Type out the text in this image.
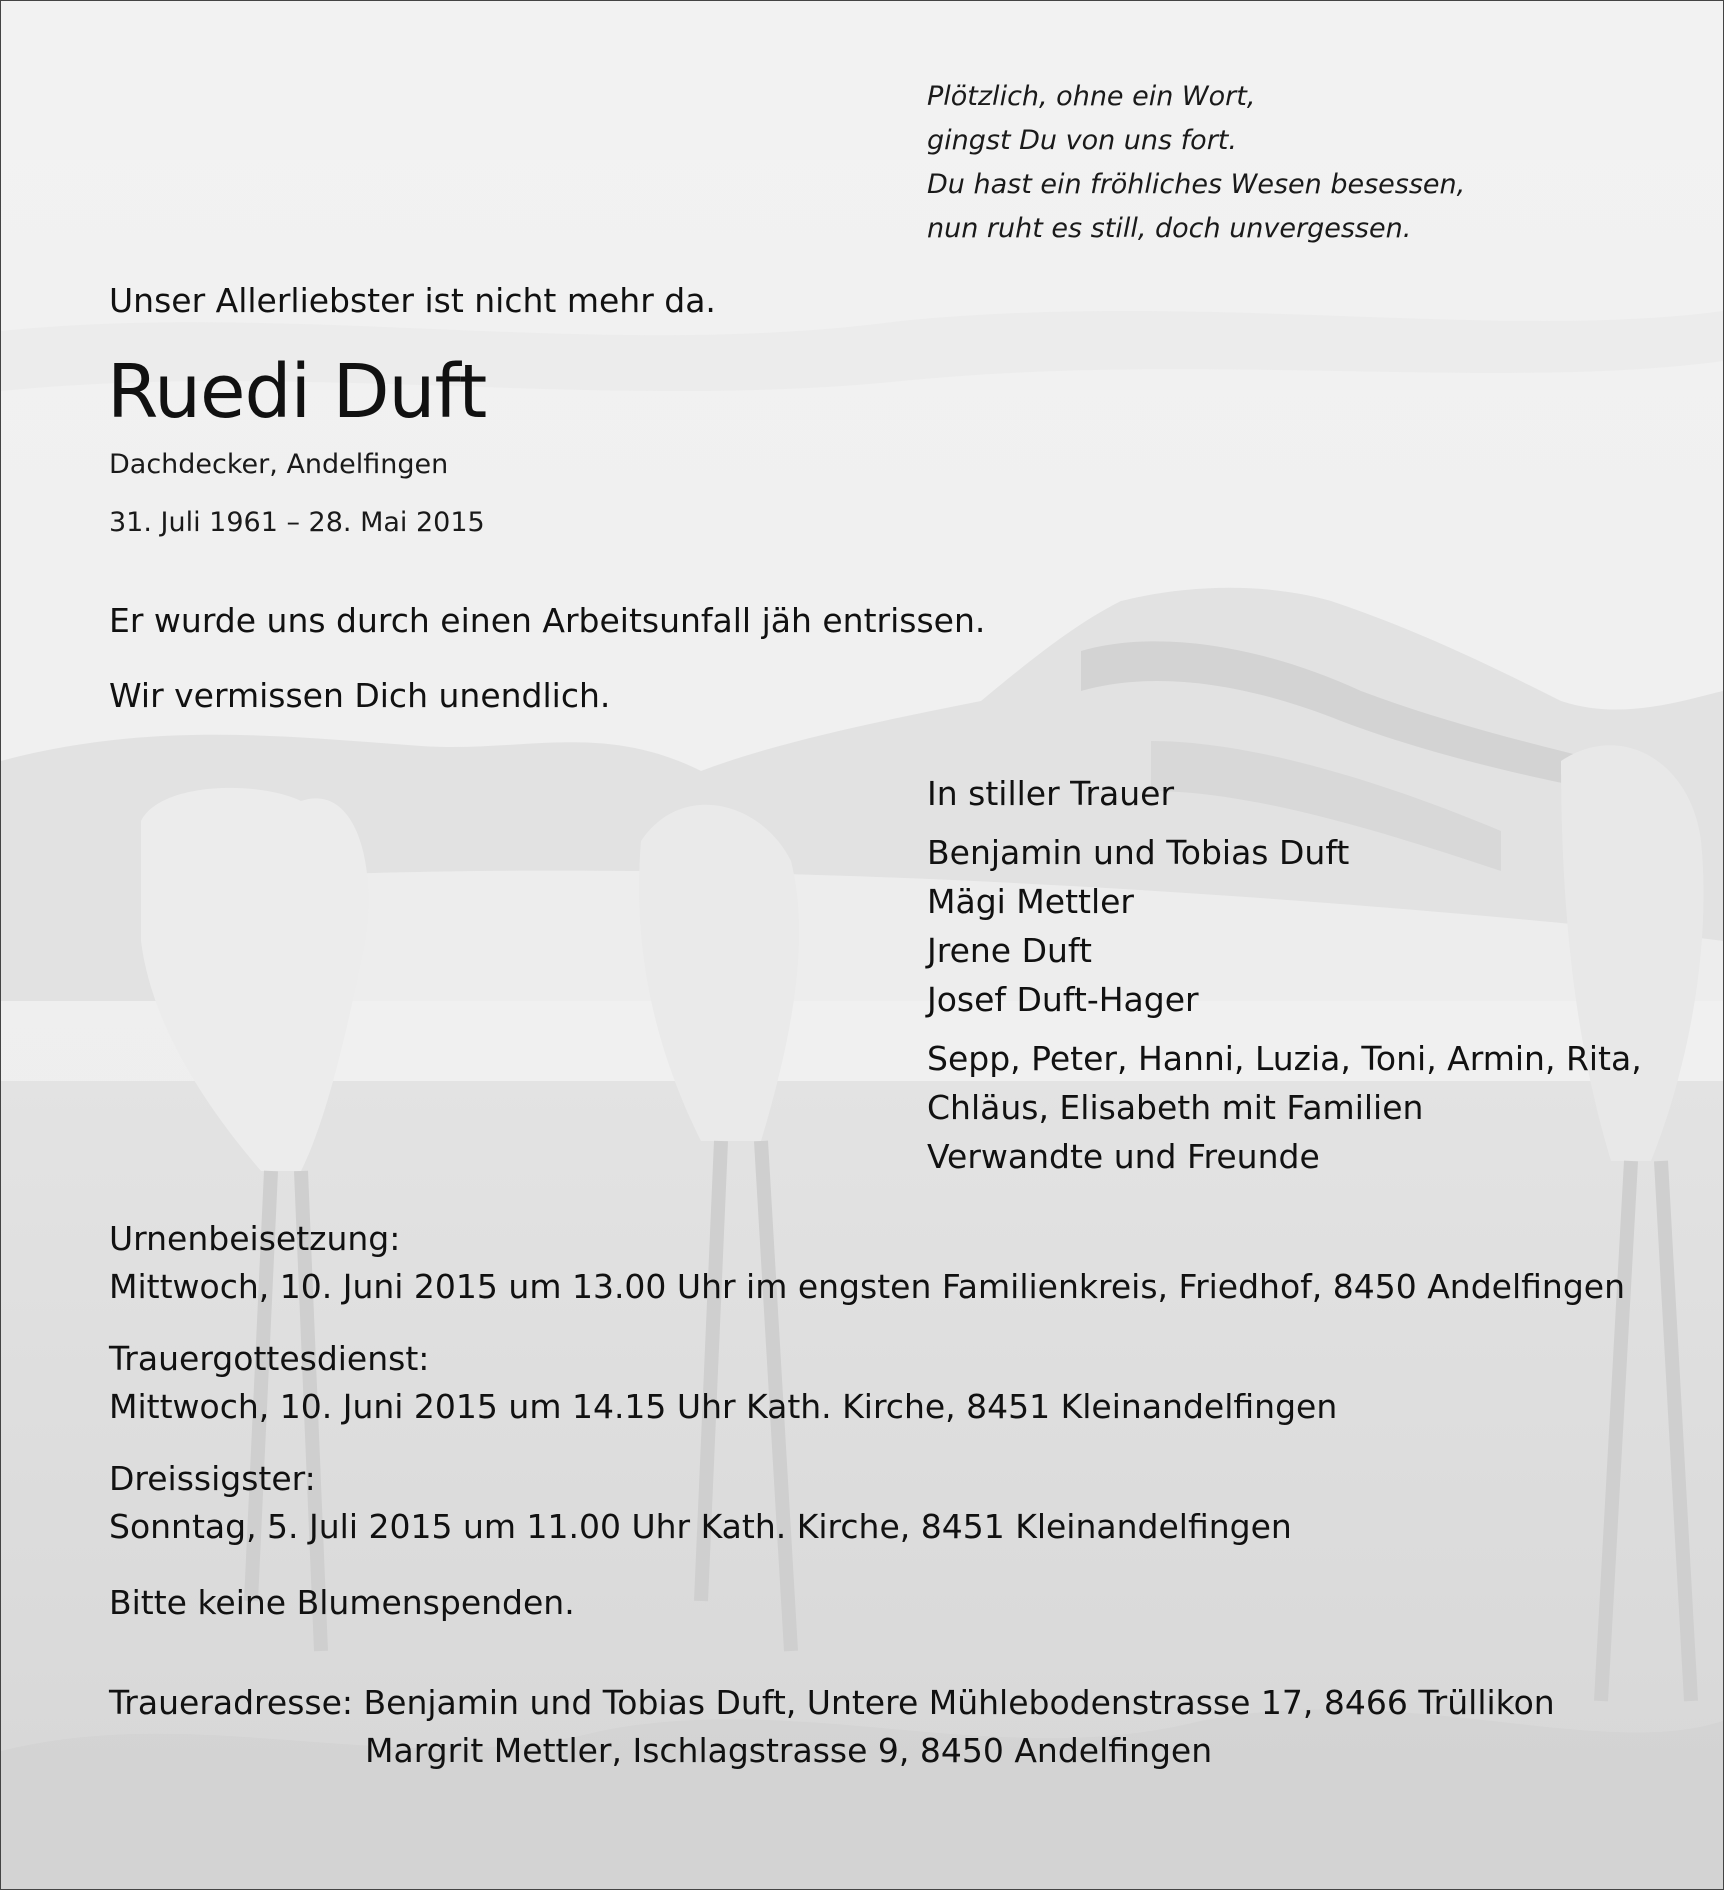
Plötzlich, ohne ein Wort,
gingst Du von uns fort.
Du hast ein fröhliches Wesen besessen,
nun ruht es still, doch unvergessen.
Unser Allerliebster ist nicht mehr da.
Ruedi Duft
Dachdecker, Andelfingen
31. Juli 1961 – 28. Mai 2015
Er wurde uns durch einen Arbeitsunfall jäh entrissen.
Wir vermissen Dich unendlich.
In stiller Trauer
Benjamin und Tobias Duft
Mägi Mettler
Jrene Duft
Josef Duft-Hager
Sepp, Peter, Hanni, Luzia, Toni, Armin, Rita,
Chläus, Elisabeth mit Familien
Verwandte und Freunde
Urnenbeisetzung:
Mittwoch, 10. Juni 2015 um 13.00 Uhr im engsten Familienkreis, Friedhof, 8450 Andelfingen
Trauergottesdienst:
Mittwoch, 10. Juni 2015 um 14.15 Uhr Kath. Kirche, 8451 Kleinandelfingen
Dreissigster:
Sonntag, 5. Juli 2015 um 11.00 Uhr Kath. Kirche, 8451 Kleinandelfingen
Bitte keine Blumenspenden.
Traueradresse: Benjamin und Tobias Duft, Untere Mühlebodenstrasse 17, 8466 Trüllikon
Margrit Mettler, Ischlagstrasse 9, 8450 Andelfingen
